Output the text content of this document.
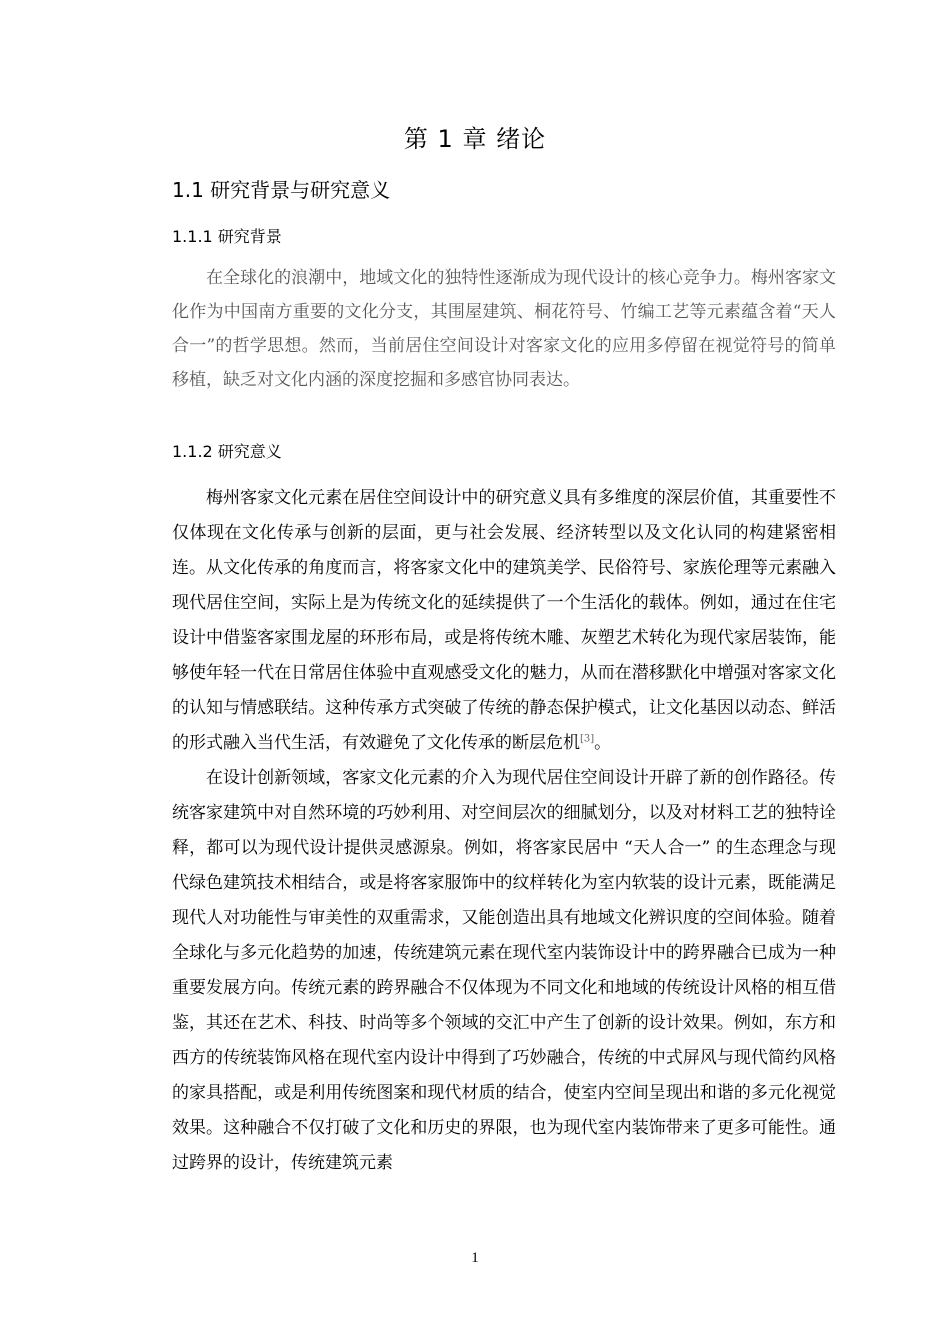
第 1 章 绪论
1.1 研究背景与研究意义
1.1.1 研究背景

在全球化的浪潮中，地域文化的独特性逐渐成为现代设计的核心竞争力。梅州客家文化作为中国南方重要的文化分支，其围屋建筑、桐花符号、竹编工艺等元素蕴含着“天人合一”的哲学思想。然而，当前居住空间设计对客家文化的应用多停留在视觉符号的简单移植，缺乏对文化内涵的深度挖掘和多感官协同表达。

1.1.2 研究意义

梅州客家文化元素在居住空间设计中的研究意义具有多维度的深层价值，其重要性不仅体现在文化传承与创新的层面，更与社会发展、经济转型以及文化认同的构建紧密相连。从文化传承的角度而言，将客家文化中的建筑美学、民俗符号、家族伦理等元素融入现代居住空间，实际上是为传统文化的延续提供了一个生活化的载体。例如，通过在住宅设计中借鉴客家围龙屋的环形布局，或是将传统木雕、灰塑艺术转化为现代家居装饰，能够使年轻一代在日常居住体验中直观感受文化的魅力，从而在潜移默化中增强对客家文化的认知与情感联结。这种传承方式突破了传统的静态保护模式，让文化基因以动态、鲜活的形式融入当代生活，有效避免了文化传承的断层危机[3]。

在设计创新领域，客家文化元素的介入为现代居住空间设计开辟了新的创作路径。传统客家建筑中对自然环境的巧妙利用、对空间层次的细腻划分，以及对材料工艺的独特诠释，都可以为现代设计提供灵感源泉。例如，将客家民居中 “天人合一” 的生态理念与现代绿色建筑技术相结合，或是将客家服饰中的纹样转化为室内软装的设计元素，既能满足现代人对功能性与审美性的双重需求，又能创造出具有地域文化辨识度的空间体验。随着全球化与多元化趋势的加速，传统建筑元素在现代室内装饰设计中的跨界融合已成为一种重要发展方向。传统元素的跨界融合不仅体现为不同文化和地域的传统设计风格的相互借鉴，其还在艺术、科技、时尚等多个领域的交汇中产生了创新的设计效果。例如，东方和西方的传统装饰风格在现代室内设计中得到了巧妙融合，传统的中式屏风与现代简约风格的家具搭配，或是利用传统图案和现代材质的结合，使室内空间呈现出和谐的多元化视觉效果。这种融合不仅打破了文化和历史的界限，也为现代室内装饰带来了更多可能性。通过跨界的设计，传统建筑元素

1
